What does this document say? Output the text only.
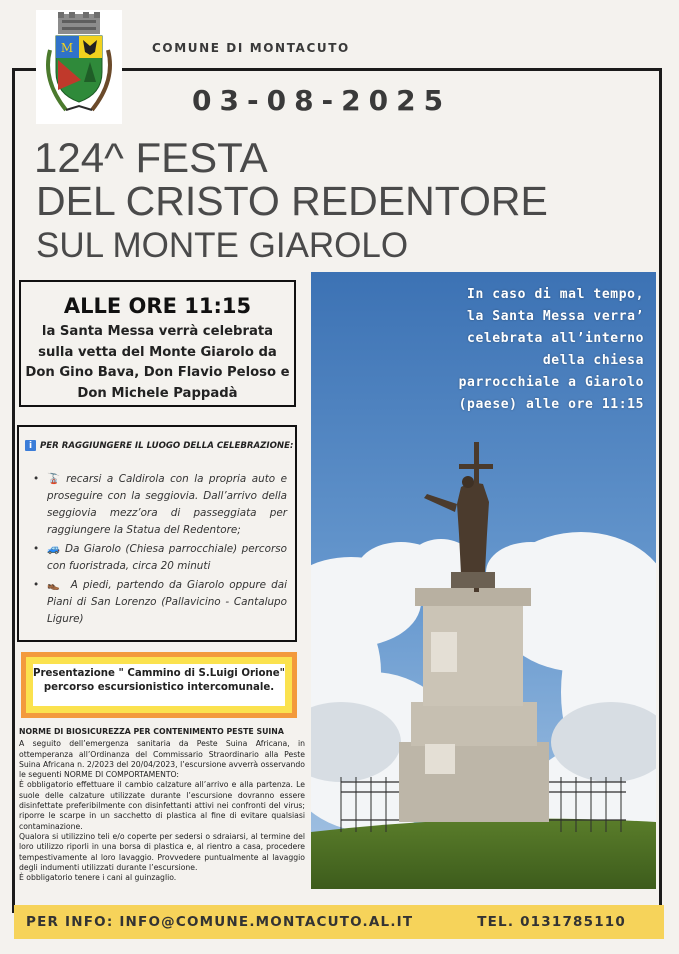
M	COMUNE DI MONTACUTO
03-08-2025
124^ FESTA
DEL CRISTO REDENTORE
SUL MONTE GIAROLO
ALLE ORE 11:15
la Santa Messa verrà celebrata sulla vetta del Monte Giarolo da Don Gino Bava, Don Flavio Peloso e Don Michele Pappadà
In caso di mal tempo,
la Santa Messa verra’
celebrata all’interno
della chiesa
parrocchiale a Giarolo
(paese) alle ore 11:15
i PER RAGGIUNGERE IL LUOGO DELLA CELEBRAZIONE:
• 🚡 recarsi a Caldirola con la propria auto e proseguire con la seggiovia. Dall’arrivo della seggiovia mezz’ora di passeggiata per raggiungere la Statua del Redentore;
• 🚙 Da Giarolo (Chiesa parrocchiale) percorso con fuoristrada, circa 20 minuti
• 👞 A piedi, partendo da Giarolo oppure dai Piani di San Lorenzo (Pallavicino - Cantalupo Ligure)
Presentazione " Cammino di S.Luigi Orione"
percorso escursionistico intercomunale.
NORME DI BIOSICUREZZA PER CONTENIMENTO PESTE SUINA
A seguito dell’emergenza sanitaria da Peste Suina Africana, in ottemperanza all’Ordinanza del Commissario Straordinario alla Peste Suina Africana n. 2/2023 del 20/04/2023, l’escursione avverrà osservando le seguenti NORME DI COMPORTAMENTO:
È obbligatorio effettuare il cambio calzature all’arrivo e alla partenza. Le suole delle calzature utilizzate durante l’escursione dovranno essere disinfettate preferibilmente con disinfettanti attivi nei confronti del virus; riporre le scarpe in un sacchetto di plastica al fine di evitare qualsiasi contaminazione.
Qualora si utilizzino teli e/o coperte per sedersi o sdraiarsi, al termine del loro utilizzo riporli in una borsa di plastica e, al rientro a casa, procedere tempestivamente al loro lavaggio. Provvedere puntualmente al lavaggio degli indumenti utilizzati durante l’escursione.
È obbligatorio tenere i cani al guinzaglio.
PER INFO: INFO@COMUNE.MONTACUTO.AL.IT	TEL. 0131785110
